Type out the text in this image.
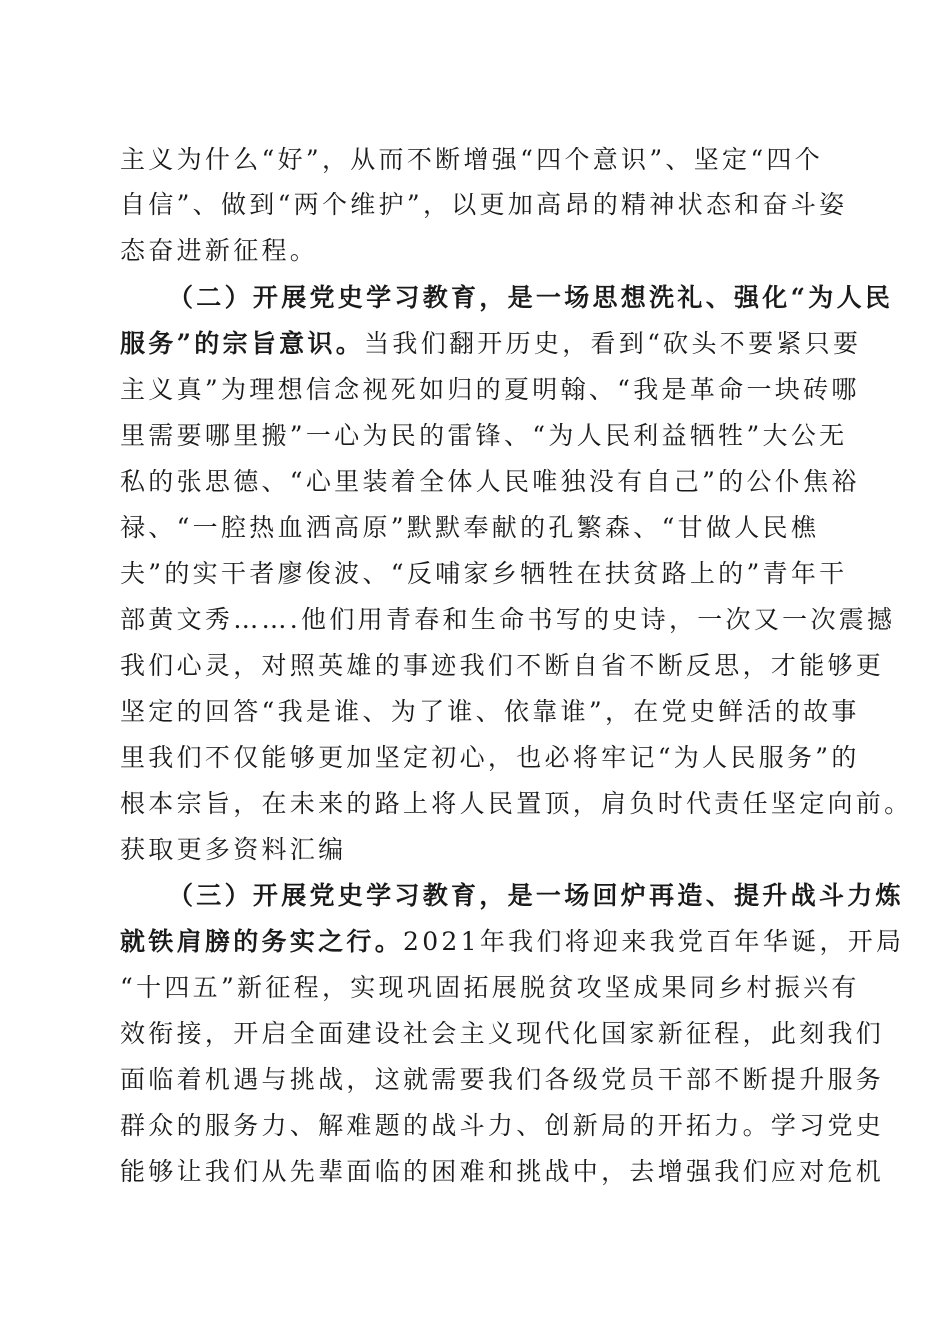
主义为什么“好”，从而不断增强“四个意识”、坚定“四个
自信”、做到“两个维护”，以更加高昂的精神状态和奋斗姿
态奋进新征程。
（二）开展党史学习教育，是一场思想洗礼、强化“为人民
服务”的宗旨意识。当我们翻开历史，看到“砍头不要紧只要
主义真”为理想信念视死如归的夏明翰、“我是革命一块砖哪
里需要哪里搬”一心为民的雷锋、“为人民利益牺牲”大公无
私的张思德、“心里装着全体人民唯独没有自己”的公仆焦裕
禄、“一腔热血洒高原”默默奉献的孔繁森、“甘做人民樵
夫”的实干者廖俊波、“反哺家乡牺牲在扶贫路上的”青年干
部黄文秀…….他们用青春和生命书写的史诗，一次又一次震撼
我们心灵，对照英雄的事迹我们不断自省不断反思，才能够更
坚定的回答“我是谁、为了谁、依靠谁”，在党史鲜活的故事
里我们不仅能够更加坚定初心，也必将牢记“为人民服务”的
根本宗旨，在未来的路上将人民置顶，肩负时代责任坚定向前。
获取更多资料汇编
（三）开展党史学习教育，是一场回炉再造、提升战斗力炼
就铁肩膀的务实之行。2021年我们将迎来我党百年华诞，开局
“十四五”新征程，实现巩固拓展脱贫攻坚成果同乡村振兴有
效衔接，开启全面建设社会主义现代化国家新征程，此刻我们
面临着机遇与挑战，这就需要我们各级党员干部不断提升服务
群众的服务力、解难题的战斗力、创新局的开拓力。学习党史
能够让我们从先辈面临的困难和挑战中，去增强我们应对危机
